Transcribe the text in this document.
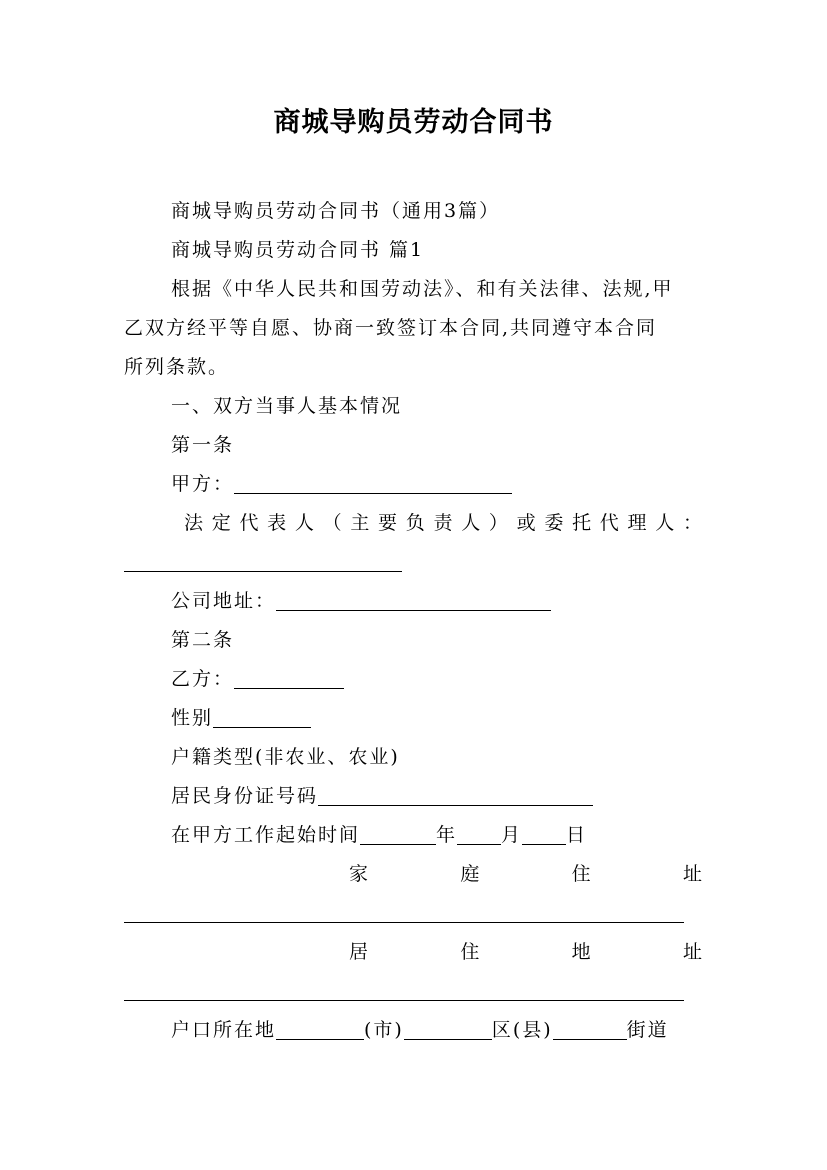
商城导购员劳动合同书
商城导购员劳动合同书（通用3篇）
商城导购员劳动合同书 篇1
根据《中华人民共和国劳动法》、和有关法律、法规,甲
乙双方经平等自愿、协商一致签订本合同,共同遵守本合同
所列条款。
一、双方当事人基本情况
第一条
甲方：
法 定 代 表 人 （ 主 要 负 责 人 ） 或 委 托 代 理 人 ：
公司地址：
第二条
乙方：
性别
户籍类型(非农业、农业)
居民身份证号码
在甲方工作起始时间	年 月 日
家	庭	住	址
居	住	地	址
户口所在地	(市)	区(县)	街道
